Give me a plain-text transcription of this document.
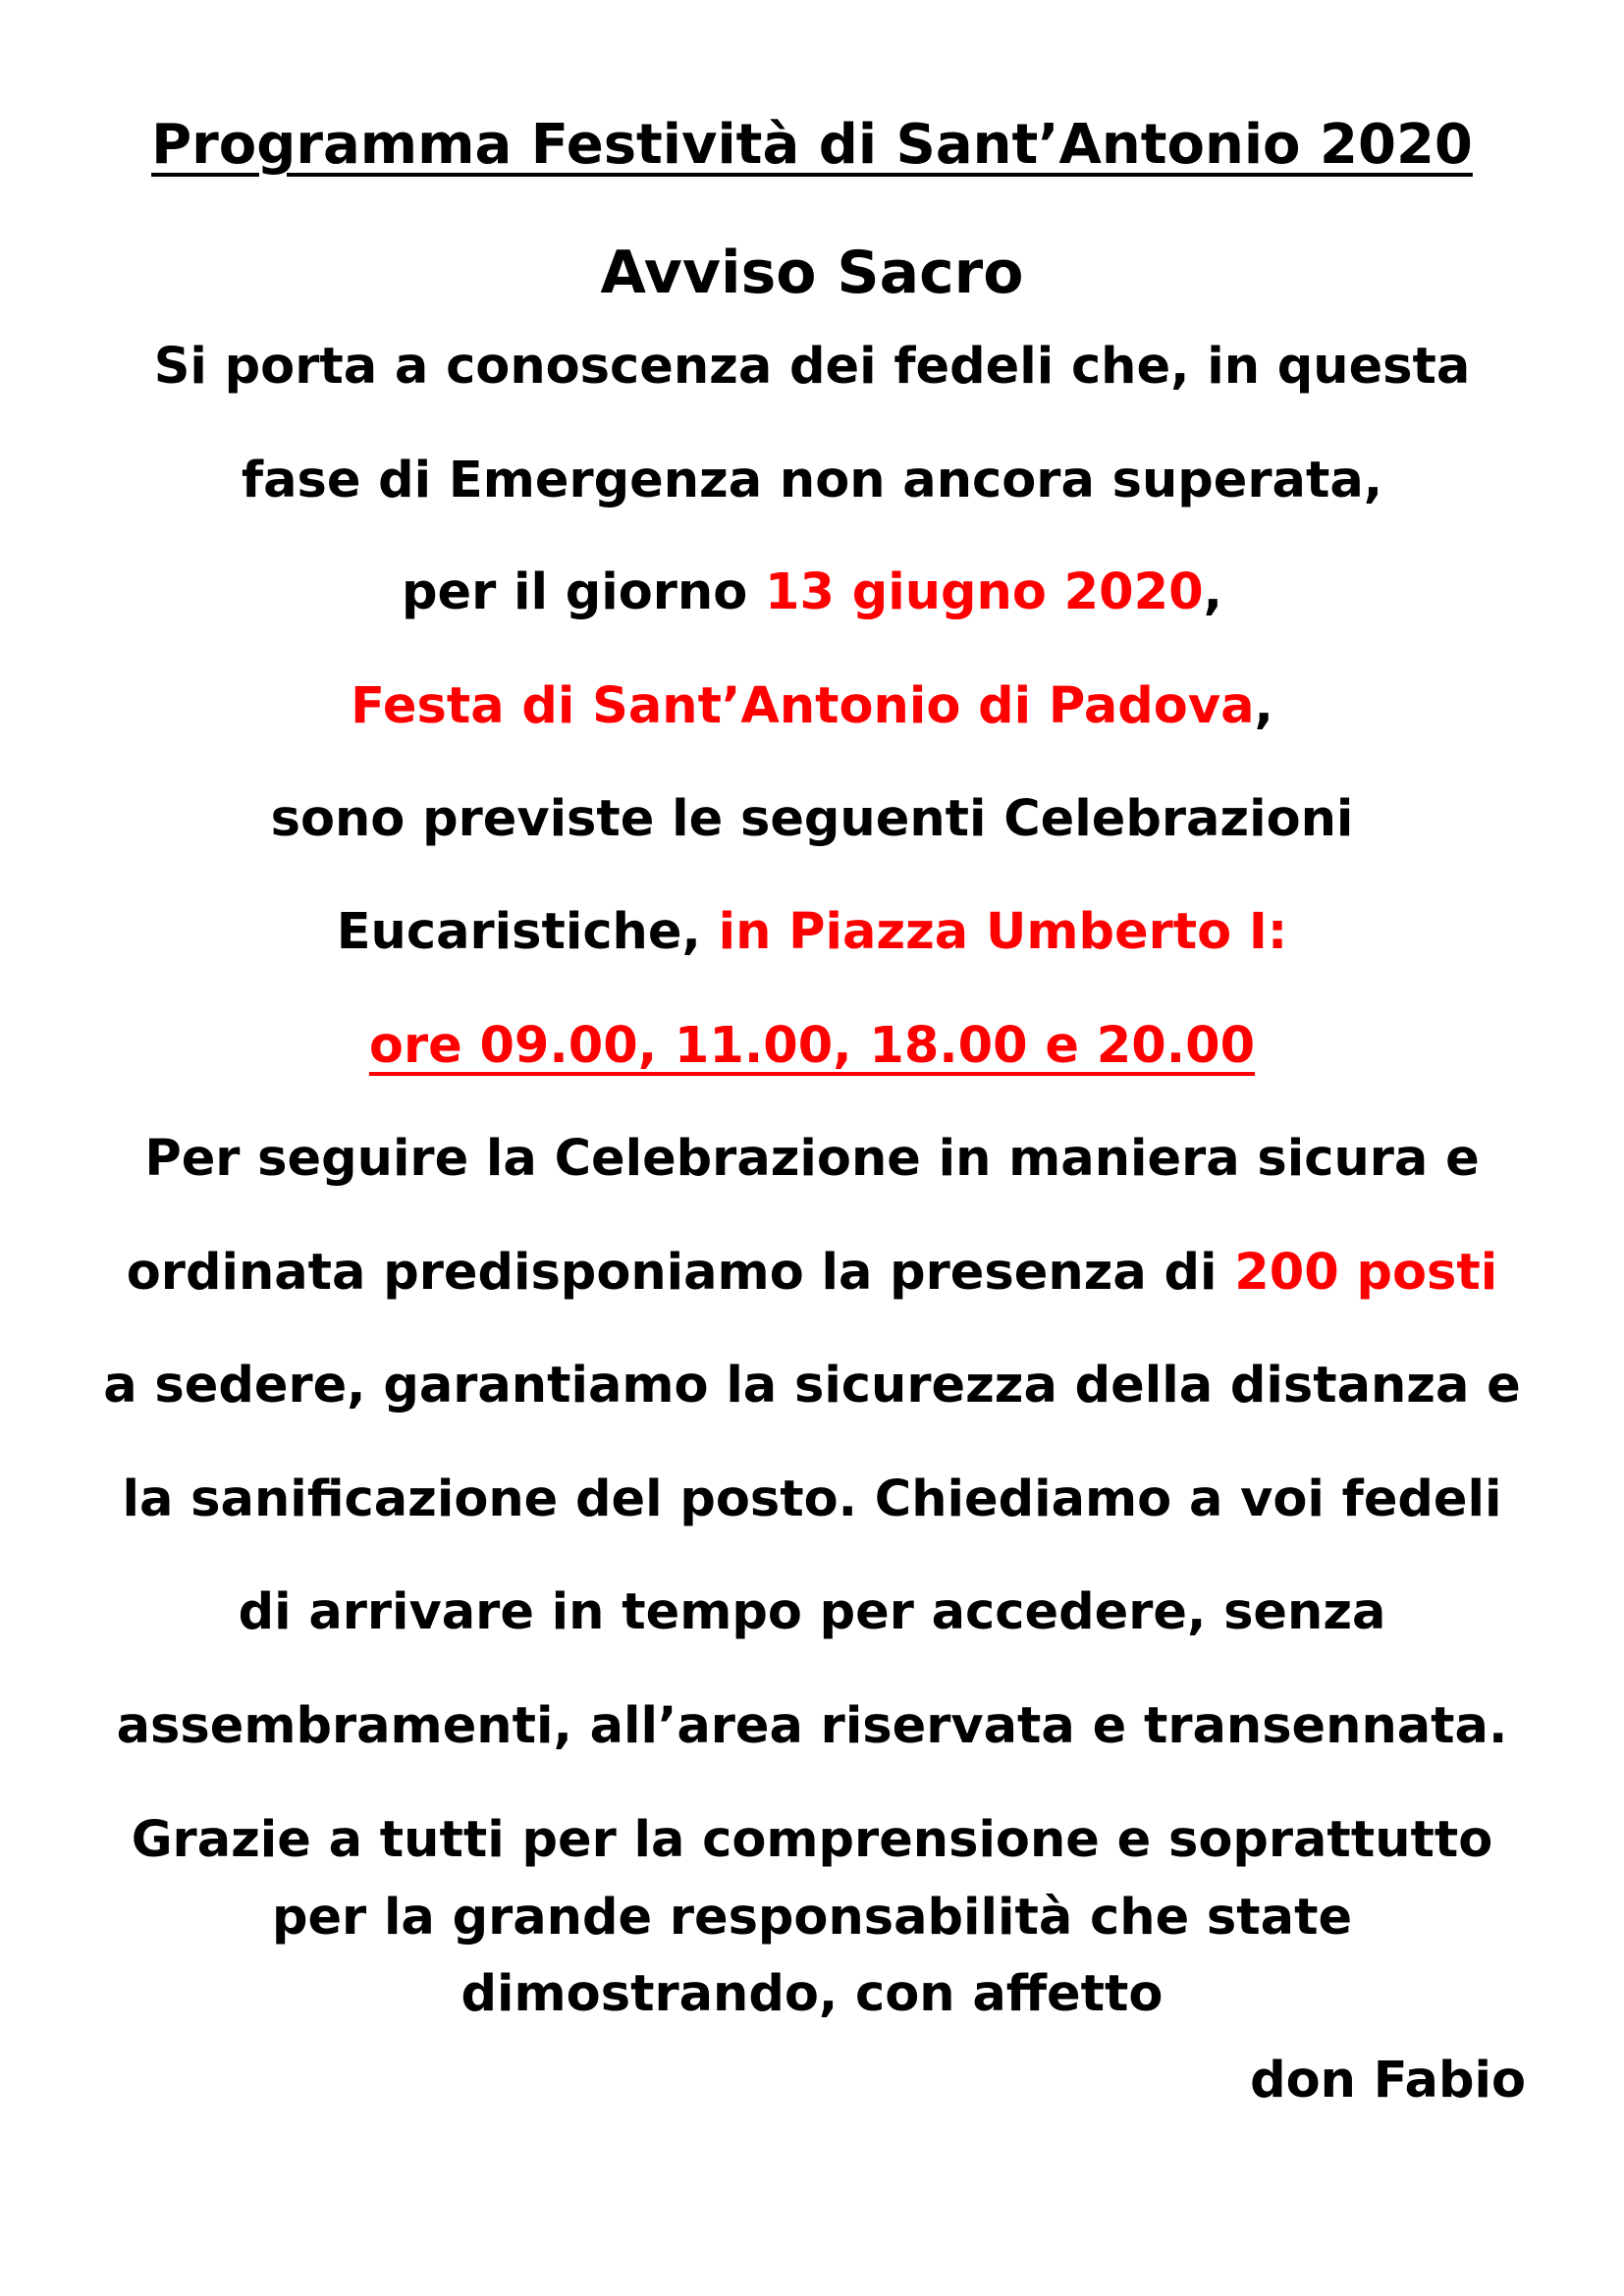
Programma Festività di Sant’Antonio 2020
Avviso Sacro
Si porta a conoscenza dei fedeli che, in questa
fase di Emergenza non ancora superata,
per il giorno 13 giugno 2020,
Festa di Sant’Antonio di Padova,
sono previste le seguenti Celebrazioni
Eucaristiche, in Piazza Umberto I:
ore 09.00, 11.00, 18.00 e 20.00
Per seguire la Celebrazione in maniera sicura e
ordinata predisponiamo la presenza di 200 posti
a sedere, garantiamo la sicurezza della distanza e
la sanificazione del posto. Chiediamo a voi fedeli
di arrivare in tempo per accedere, senza
assembramenti, all’area riservata e transennata.
Grazie a tutti per la comprensione e soprattutto
per la grande responsabilità che state
dimostrando, con affetto
don Fabio
